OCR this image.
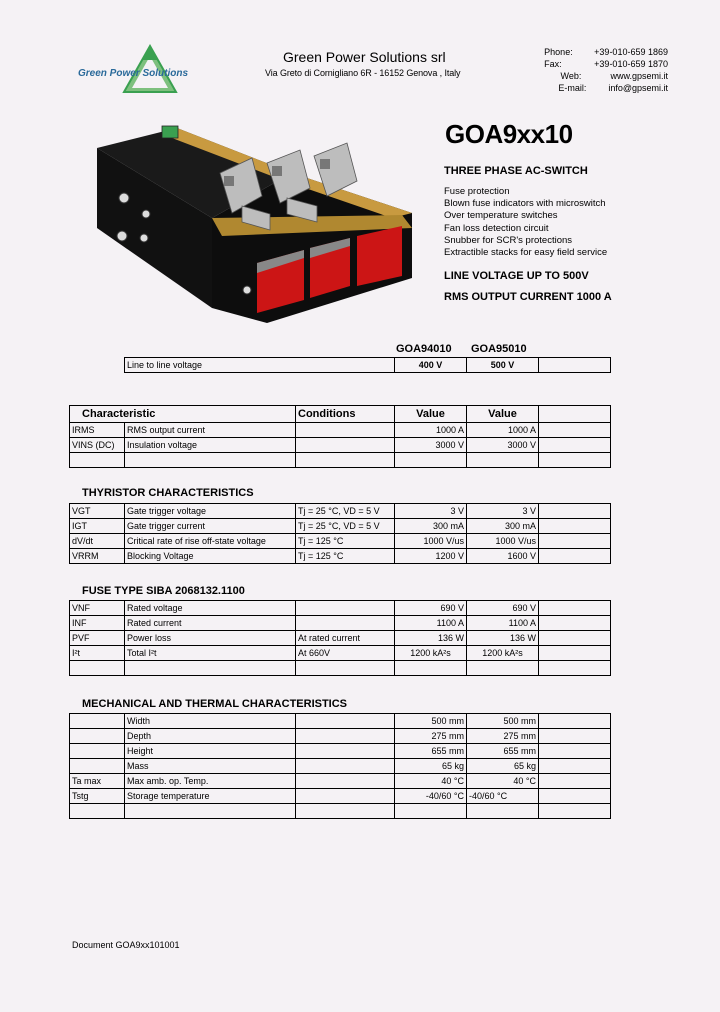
Green Power Solutions
Green Power Solutions srl
Via Greto di Cornigliano 6R - 16152 Genova , Italy
Phone:	+39-010-659 1869
Fax:	+39-010-659 1870
Web:	www.gpsemi.it
E-mail:	info@gpsemi.it
GOA9xx10
THREE PHASE AC-SWITCH
Fuse protection
Blown fuse indicators with microswitch
Over temperature switches
Fan loss detection circuit
Snubber for SCR's protections
Extractible stacks for easy field service
LINE VOLTAGE UP TO 500V
RMS OUTPUT CURRENT 1000 A
GOA94010 GOA95010
Line to line voltage	400 V	500 V	
Characteristic		Conditions	Value	Value	
IRMS	RMS output current		1000 A	1000 A	
VINS (DC)	Insulation voltage		3000 V	3000 V	

THYRISTOR CHARACTERISTICS
VGT	Gate trigger voltage	Tj = 25 °C, VD = 5 V	3 V	3 V	
IGT	Gate trigger current	Tj = 25 °C, VD = 5 V	300 mA	300 mA	
dV/dt	Critical rate of rise off-state voltage	Tj = 125 °C	1000 V/us	1000 V/us	
VRRM	Blocking Voltage	Tj = 125 °C	1200 V	1600 V	
FUSE TYPE SIBA 2068132.1100
VNF	Rated voltage		690 V	690 V	
INF	Rated current		1100 A	1100 A	
PVF	Power loss	At rated current	136 W	136 W	
I²t	Total I²t	At 660V	1200 kA²s	1200 kA²s	

MECHANICAL AND THERMAL CHARACTERISTICS
	Width		500 mm	500 mm	
	Depth		275 mm	275 mm	
	Height		655 mm	655 mm	
	Mass		65 kg	65 kg	
Ta max	Max amb. op. Temp.		40 °C	40 °C	
Tstg	Storage temperature		-40/60 °C	-40/60 °C	

Document GOA9xx101001
